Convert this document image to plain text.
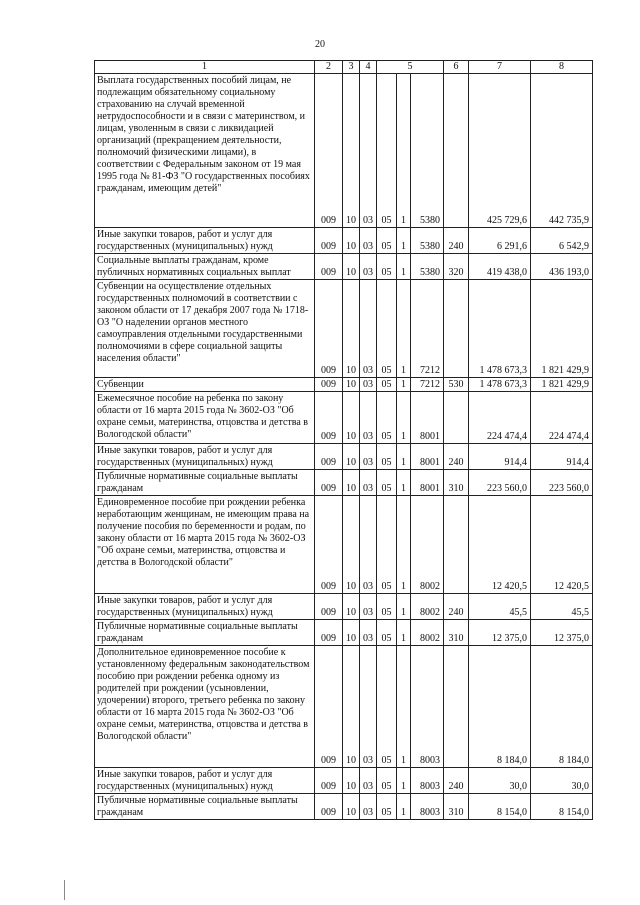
20
1	2	3	4	5			6	7	8
Выплата государственных пособий лицам, не подлежащим обязательному социальному страхованию на случай временной нетрудоспособности и в связи с материнством, и лицам, уволенным в связи с ликвидацией организаций (прекращением деятельности, полномочий физическими лицами), в соответствии с Федеральным законом от 19 мая 1995 года № 81-ФЗ "О государственных пособиях гражданам, имеющим детей"	009	10	03	05	1	5380		425 729,6	442 735,9
Иные закупки товаров, работ и услуг для государственных (муниципальных) нужд	009	10	03	05	1	5380	240	6 291,6	6 542,9
Социальные выплаты гражданам, кроме публичных нормативных социальных выплат	009	10	03	05	1	5380	320	419 438,0	436 193,0
Субвенции на осуществление отдельных государственных полномочий в соответствии с законом области от 17 декабря 2007 года № 1718-ОЗ "О наделении органов местного самоуправления отдельными государственными полномочиями в сфере социальной защиты населения области"	009	10	03	05	1	7212		1 478 673,3	1 821 429,9
Субвенции	009	10	03	05	1	7212	530	1 478 673,3	1 821 429,9
Ежемесячное пособие на ребенка по закону области от 16 марта 2015 года № 3602-ОЗ "Об охране семьи, материнства, отцовства и детства в Вологодской области"	009	10	03	05	1	8001		224 474,4	224 474,4
Иные закупки товаров, работ и услуг для государственных (муниципальных) нужд	009	10	03	05	1	8001	240	914,4	914,4
Публичные нормативные социальные выплаты гражданам	009	10	03	05	1	8001	310	223 560,0	223 560,0
Единовременное пособие при рождении ребенка неработающим женщинам, не имеющим права на получение пособия по беременности и родам, по закону области от 16 марта 2015 года № 3602-ОЗ "Об охране семьи, материнства, отцовства и детства в Вологодской области"	009	10	03	05	1	8002		12 420,5	12 420,5
Иные закупки товаров, работ и услуг для государственных (муниципальных) нужд	009	10	03	05	1	8002	240	45,5	45,5
Публичные нормативные социальные выплаты гражданам	009	10	03	05	1	8002	310	12 375,0	12 375,0
Дополнительное единовременное пособие к установленному федеральным законодательством пособию при рождении ребенка одному из родителей при рождении (усыновлении, удочерении) второго, третьего ребенка по закону области от 16 марта 2015 года № 3602-ОЗ "Об охране семьи, материнства, отцовства и детства в Вологодской области"	009	10	03	05	1	8003		8 184,0	8 184,0
Иные закупки товаров, работ и услуг для государственных (муниципальных) нужд	009	10	03	05	1	8003	240	30,0	30,0
Публичные нормативные социальные выплаты гражданам	009	10	03	05	1	8003	310	8 154,0	8 154,0
